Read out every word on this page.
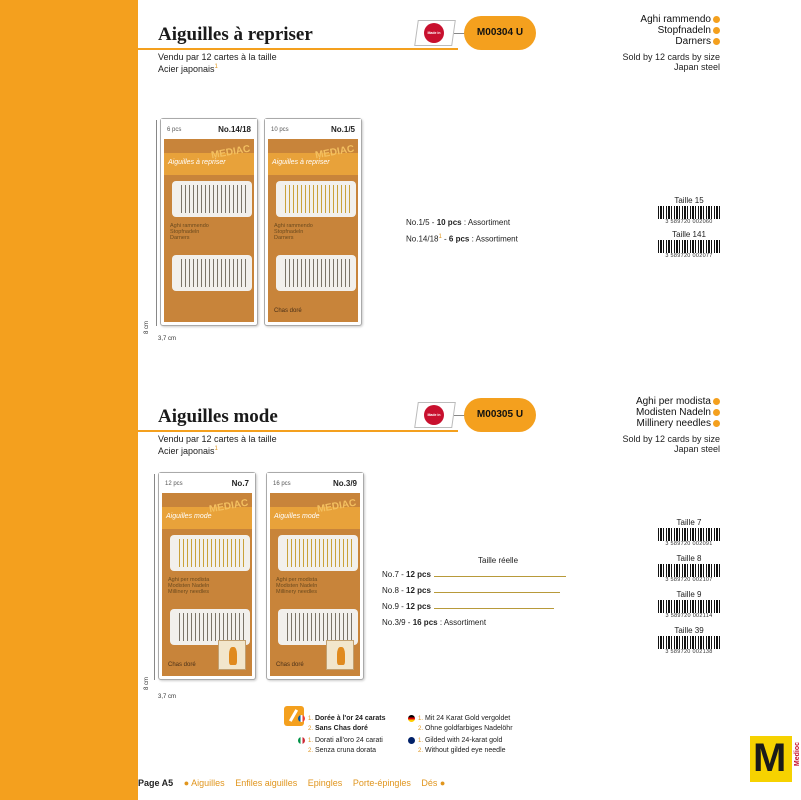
Aiguilles à repriser
Vendu par 12 cartes à la taille
Acier japonais$^1$
Made in JAPAN
M00304 U
Aghi rammendo
Stopfnadeln
Darners
Sold by 12 cards by size
Japan steel
6 pcs	No.14/18
Aiguilles à repriser
MEDIAC
Aghi rammendo
Stopfnadeln
Darners
10 pcs	No.1/5
Aiguilles à repriser
MEDIAC
Aghi rammendo
Stopfnadeln
Darners
Chas doré
8 cm
3,7 cm
No.1/5 - 10 pcs : Assortiment
$No.14/18^1 - 6$ pcs : Assortiment
Taille 15
3 589720 002060
Taille 141
3 589720 002077
Aiguilles mode
Vendu par 12 cartes à la taille
Acier japonais$^1$
Made in JAPAN
M00305 U
Aghi per modista
Modisten Nadeln
Millinery needles
Sold by 12 cards by size
Japan steel
12 pcs	No.7
Aiguilles mode
MEDIAC
Aghi per modista
Modisten Nadeln
Millinery needles
Chas doré
16 pcs	No.3/9
Aiguilles mode
MEDIAC
Aghi per modista
Modisten Nadeln
Millinery needles
Chas doré
8 cm
3,7 cm
Taille réelle
No.7 - 12 pcs
No.8 - 12 pcs
No.9 - 12 pcs
No.3/9 - 16 pcs : Assortiment
Taille 7
3 589720 002091
Taille 8
3 589720 002107
Taille 9
3 589720 002114
Taille 39
3 589720 002138
1. Dorée à l'or 24 carats
2. Sans Chas doré
1. Mit 24 Karat Gold vergoldet
2. Ohne goldfarbiges Nadelöhr
1. Dorati all'oro 24 carati
2. Senza cruna dorata
1. Gilded with 24-karat gold
2. Without gilded eye needle	M Medioc
Page A5 ● Aiguilles Enfiles aiguilles Epingles Porte-épingles Dés ●
